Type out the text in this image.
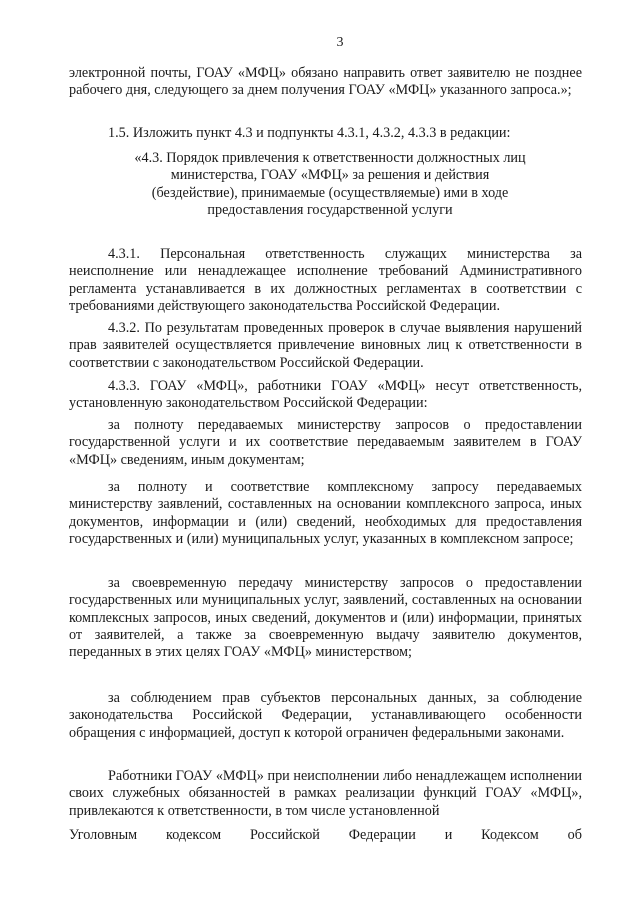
3

электронной почты, ГОАУ «МФЦ» обязано направить ответ заявителю не позднее рабочего дня, следующего за днем получения ГОАУ «МФЦ» указанного запроса.»;

1.5. Изложить пункт 4.3 и подпункты 4.3.1, 4.3.2, 4.3.3 в редакции:

«4.3. Порядок привлечения к ответственности должностных лиц министерства, ГОАУ «МФЦ» за решения и действия (бездействие), принимаемые (осуществляемые) ими в ходе предоставления государственной услуги

4.3.1. Персональная ответственность служащих министерства за неисполнение или ненадлежащее исполнение требований Административного регламента устанавливается в их должностных регламентах в соответствии с требованиями действующего законодательства Российской Федерации.

4.3.2. По результатам проведенных проверок в случае выявления нарушений прав заявителей осуществляется привлечение виновных лиц к ответственности в соответствии с законодательством Российской Федерации.

4.3.3. ГОАУ «МФЦ», работники ГОАУ «МФЦ» несут ответственность, установленную законодательством Российской Федерации:

за полноту передаваемых министерству запросов о предоставлении государственной услуги и их соответствие передаваемым заявителем в ГОАУ «МФЦ» сведениям, иным документам;

за полноту и соответствие комплексному запросу передаваемых министерству заявлений, составленных на основании комплексного запроса, иных документов, информации и (или) сведений, необходимых для предоставления государственных и (или) муниципальных услуг, указанных в комплексном запросе;

за своевременную передачу министерству запросов о предоставлении государственных или муниципальных услуг, заявлений, составленных на основании комплексных запросов, иных сведений, документов и (или) информации, принятых от заявителей, а также за своевременную выдачу заявителю документов, переданных в этих целях ГОАУ «МФЦ» министерством;

за соблюдением прав субъектов персональных данных, за соблюдение законодательства Российской Федерации, устанавливающего особенности обращения с информацией, доступ к которой ограничен федеральными законами.

Работники ГОАУ «МФЦ» при неисполнении либо ненадлежащем исполнении своих служебных обязанностей в рамках реализации функций ГОАУ «МФЦ», привлекаются к ответственности, в том числе установленной

Уголовным кодексом Российской Федерации и Кодексом об
